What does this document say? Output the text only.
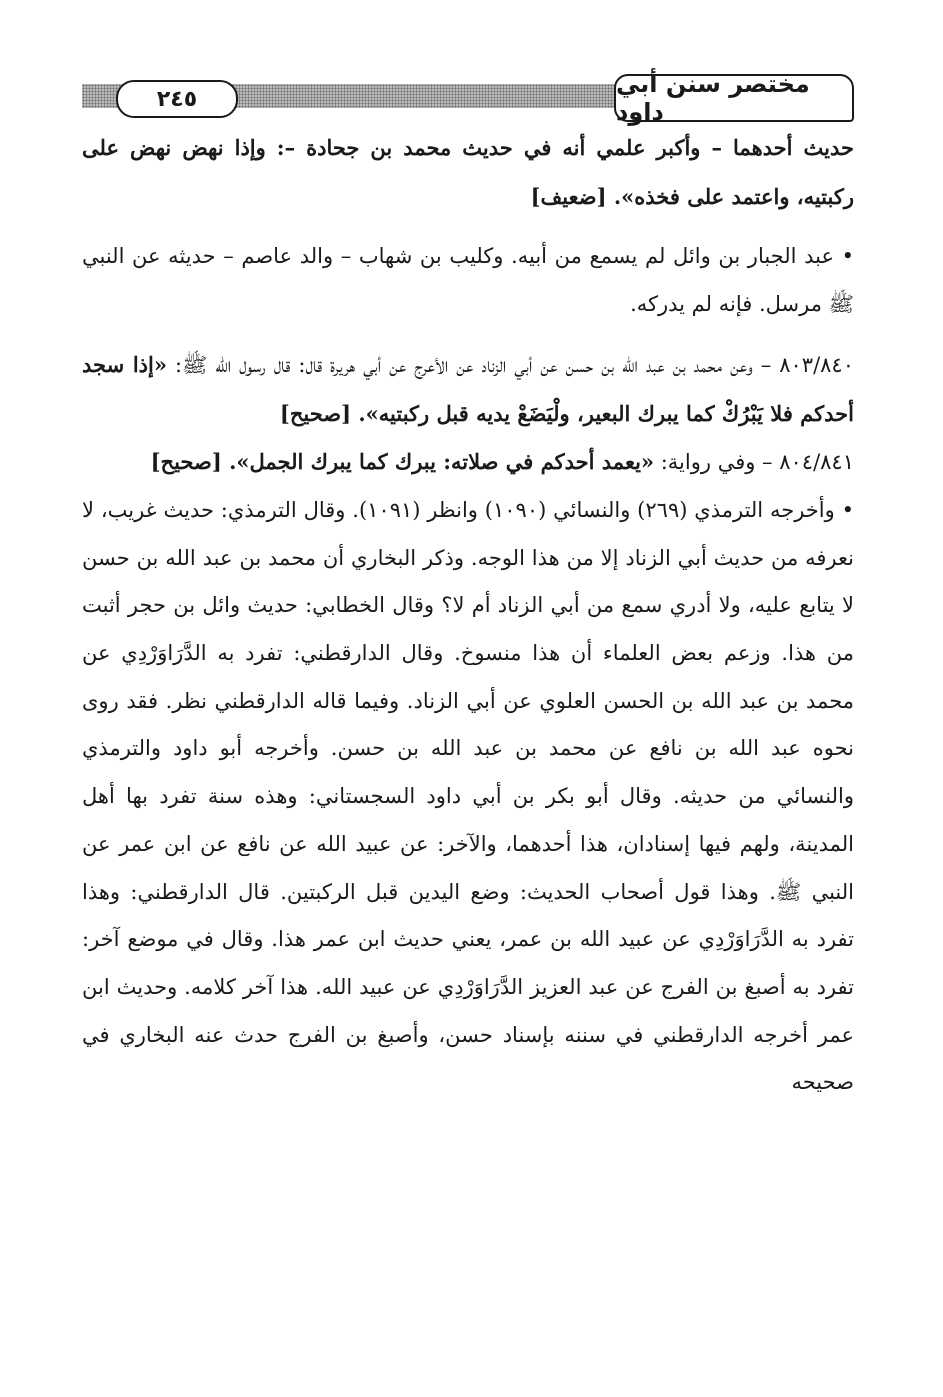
٢٤٥
مختصر سنن أبي داود

حديث أحدهما – وأكبر علمي أنه في حديث محمد بن جحادة –: وإذا نهض نهض على ركبتيه، واعتمد على فخذه». [ضعيف]

• عبد الجبار بن وائل لم يسمع من أبيه. وكليب بن شهاب – والد عاصم – حديثه عن النبي ﷺ مرسل. فإنه لم يدركه.

٨٠٣/٨٤٠ – وعن محمد بن عبد الله بن حسن عن أبي الزناد عن الأعرج عن أبي هريرة قال: قال رسول الله ﷺ: «إذا سجد أحدكم فلا يَبْرُكْ كما يبرك البعير، ولْيَضَعْ يديه قبل ركبتيه». [صحيح]

٨٠٤/٨٤١ – وفي رواية: «يعمد أحدكم في صلاته: يبرك كما يبرك الجمل». [صحيح]

• وأخرجه الترمذي (٢٦٩) والنسائي (١٠٩٠) وانظر (١٠٩١). وقال الترمذي: حديث غريب، لا نعرفه من حديث أبي الزناد إلا من هذا الوجه. وذكر البخاري أن محمد بن عبد الله بن حسن لا يتابع عليه، ولا أدري سمع من أبي الزناد أم لا؟ وقال الخطابي: حديث وائل بن حجر أثبت من هذا. وزعم بعض العلماء أن هذا منسوخ. وقال الدارقطني: تفرد به الدَّرَاوَرْدِي عن محمد بن عبد الله بن الحسن العلوي عن أبي الزناد. وفيما قاله الدارقطني نظر. فقد روى نحوه عبد الله بن نافع عن محمد بن عبد الله بن حسن. وأخرجه أبو داود والترمذي والنسائي من حديثه. وقال أبو بكر بن أبي داود السجستاني: وهذه سنة تفرد بها أهل المدينة، ولهم فيها إسنادان، هذا أحدهما، والآخر: عن عبيد الله عن نافع عن ابن عمر عن النبي ﷺ. وهذا قول أصحاب الحديث: وضع اليدين قبل الركبتين. قال الدارقطني: وهذا تفرد به الدَّرَاوَرْدِي عن عبيد الله بن عمر، يعني حديث ابن عمر هذا. وقال في موضع آخر: تفرد به أصبغ بن الفرج عن عبد العزيز الدَّرَاوَرْدِي عن عبيد الله. هذا آخر كلامه. وحديث ابن عمر أخرجه الدارقطني في سننه بإسناد حسن، وأصبغ بن الفرج حدث عنه البخاري في صحيحه
